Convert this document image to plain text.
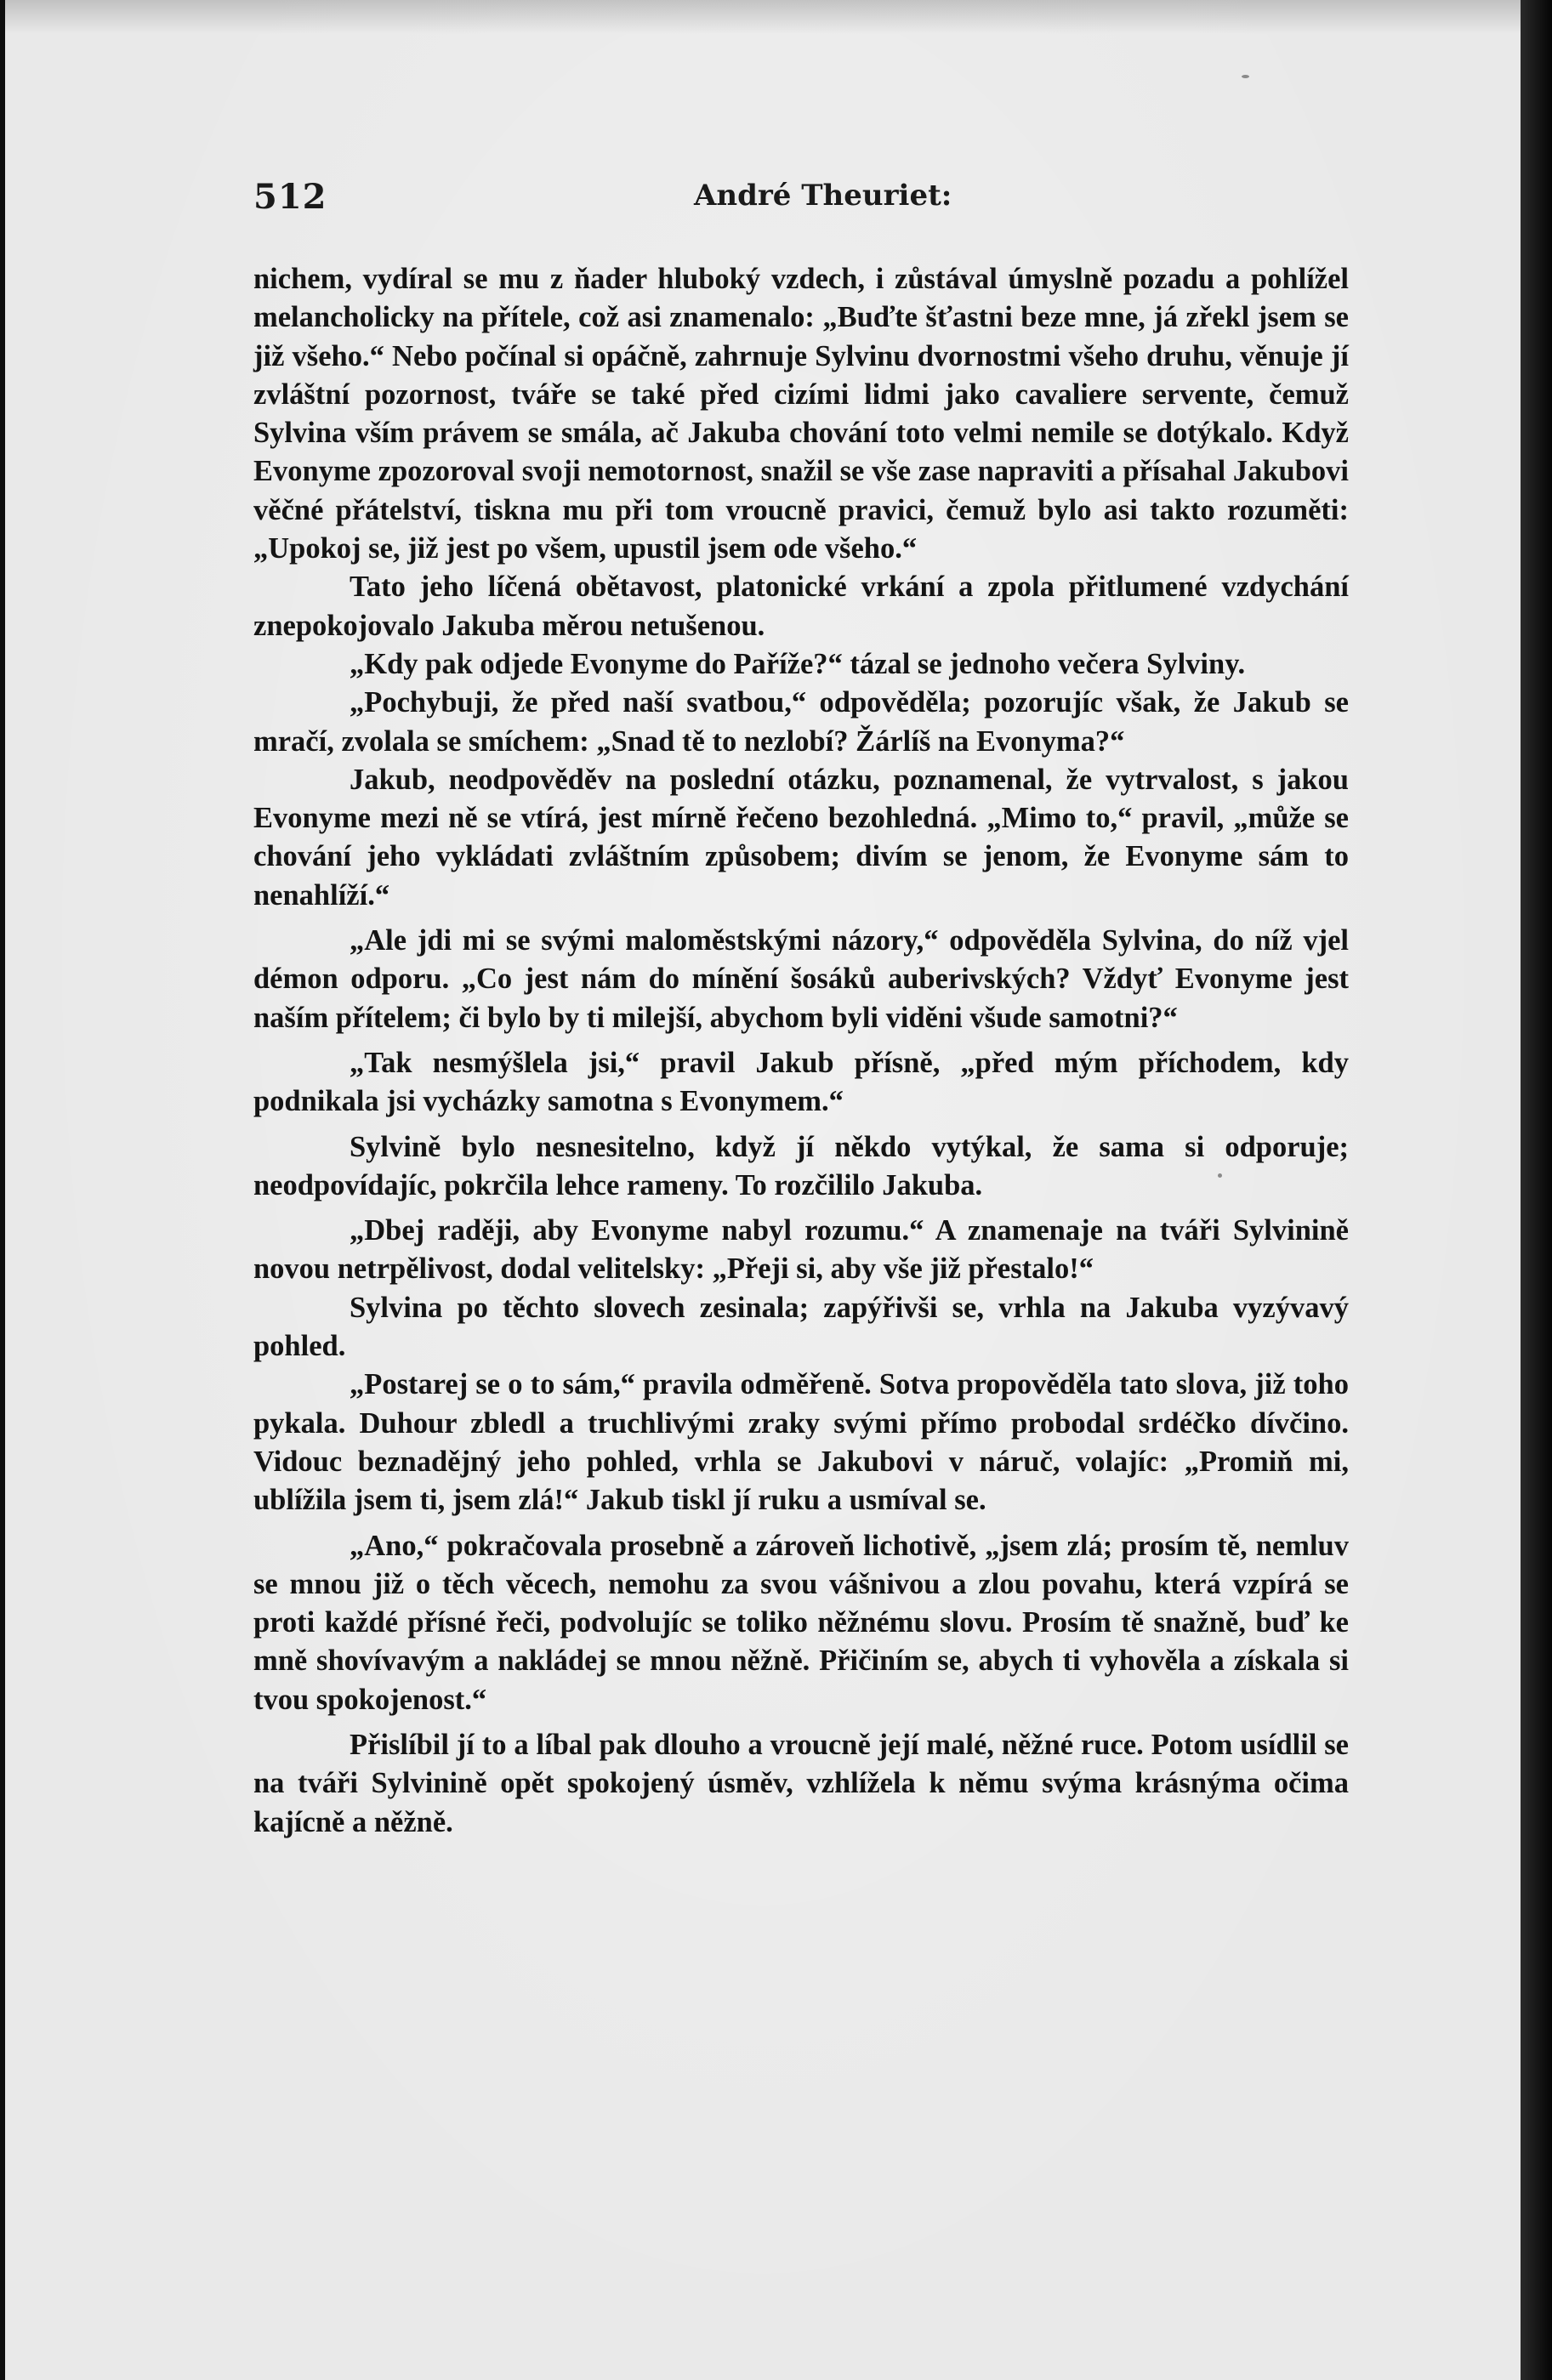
512	André Theuriet:

nichem, vydíral se mu z ňader hluboký vzdech, i zůstával úmyslně pozadu a pohlížel melancholicky na přítele, což asi znamenalo: „Buďte šťastni beze mne, já zřekl jsem se již všeho.“ Nebo počínal si opáčně, zahrnuje Sylvinu dvornostmi všeho druhu, věnuje jí zvláštní pozornost, tváře se také před cizími lidmi jako cavaliere servente, čemuž Sylvina vším právem se smála, ač Jakuba chování toto velmi nemile se dotýkalo. Když Evonyme zpozoroval svoji nemotornost, snažil se vše zase napraviti a přísahal Jakubovi věčné přátelství, tiskna mu při tom vroucně pravici, čemuž bylo asi takto rozuměti: „Upokoj se, již jest po všem, upustil jsem ode všeho.“

Tato jeho líčená obětavost, platonické vrkání a zpola přitlumené vzdychání znepokojovalo Jakuba měrou netušenou.

„Kdy pak odjede Evonyme do Paříže?“ tázal se jednoho večera Sylviny.

„Pochybuji, že před naší svatbou,“ odpověděla; pozorujíc však, že Jakub se mračí, zvolala se smíchem: „Snad tě to nezlobí? Žárlíš na Evonyma?“

Jakub, neodpověděv na poslední otázku, poznamenal, že vytrvalost, s jakou Evonyme mezi ně se vtírá, jest mírně řečeno bezohledná. „Mimo to,“ pravil, „může se chování jeho vykládati zvláštním způsobem; divím se jenom, že Evonyme sám to nenahlíží.“

„Ale jdi mi se svými maloměstskými názory,“ odpověděla Sylvina, do níž vjel démon odporu. „Co jest nám do mínění šosáků auberivských? Vždyť Evonyme jest naším přítelem; či bylo by ti milejší, abychom byli viděni všude samotni?“

„Tak nesmýšlela jsi,“ pravil Jakub přísně, „před mým příchodem, kdy podnikala jsi vycházky samotna s Evonymem.“

Sylvině bylo nesnesitelno, když jí někdo vytýkal, že sama si odporuje; neodpovídajíc, pokrčila lehce rameny. To rozčililo Jakuba.

„Dbej raději, aby Evonyme nabyl rozumu.“ A znamenaje na tváři Sylvinině novou netrpělivost, dodal velitelsky: „Přeji si, aby vše již přestalo!“

Sylvina po těchto slovech zesinala; zapýřivši se, vrhla na Jakuba vyzývavý pohled.

„Postarej se o to sám,“ pravila odměřeně. Sotva propověděla tato slova, již toho pykala. Duhour zbledl a truchlivými zraky svými přímo probodal srdéčko dívčino. Vidouc beznadějný jeho pohled, vrhla se Jakubovi v náruč, volajíc: „Promiň mi, ublížila jsem ti, jsem zlá!“ Jakub tiskl jí ruku a usmíval se.

„Ano,“ pokračovala prosebně a zároveň lichotivě, „jsem zlá; prosím tě, nemluv se mnou již o těch věcech, nemohu za svou vášnivou a zlou povahu, která vzpírá se proti každé přísné řeči, podvolujíc se toliko něžnému slovu. Prosím tě snažně, buď ke mně shovívavým a nakládej se mnou něžně. Přičiním se, abych ti vyhověla a získala si tvou spokojenost.“

Přislíbil jí to a líbal pak dlouho a vroucně její malé, něžné ruce. Potom usídlil se na tváři Sylvinině opět spokojený úsměv, vzhlížela k němu svýma krásnýma očima kajícně a něžně.
